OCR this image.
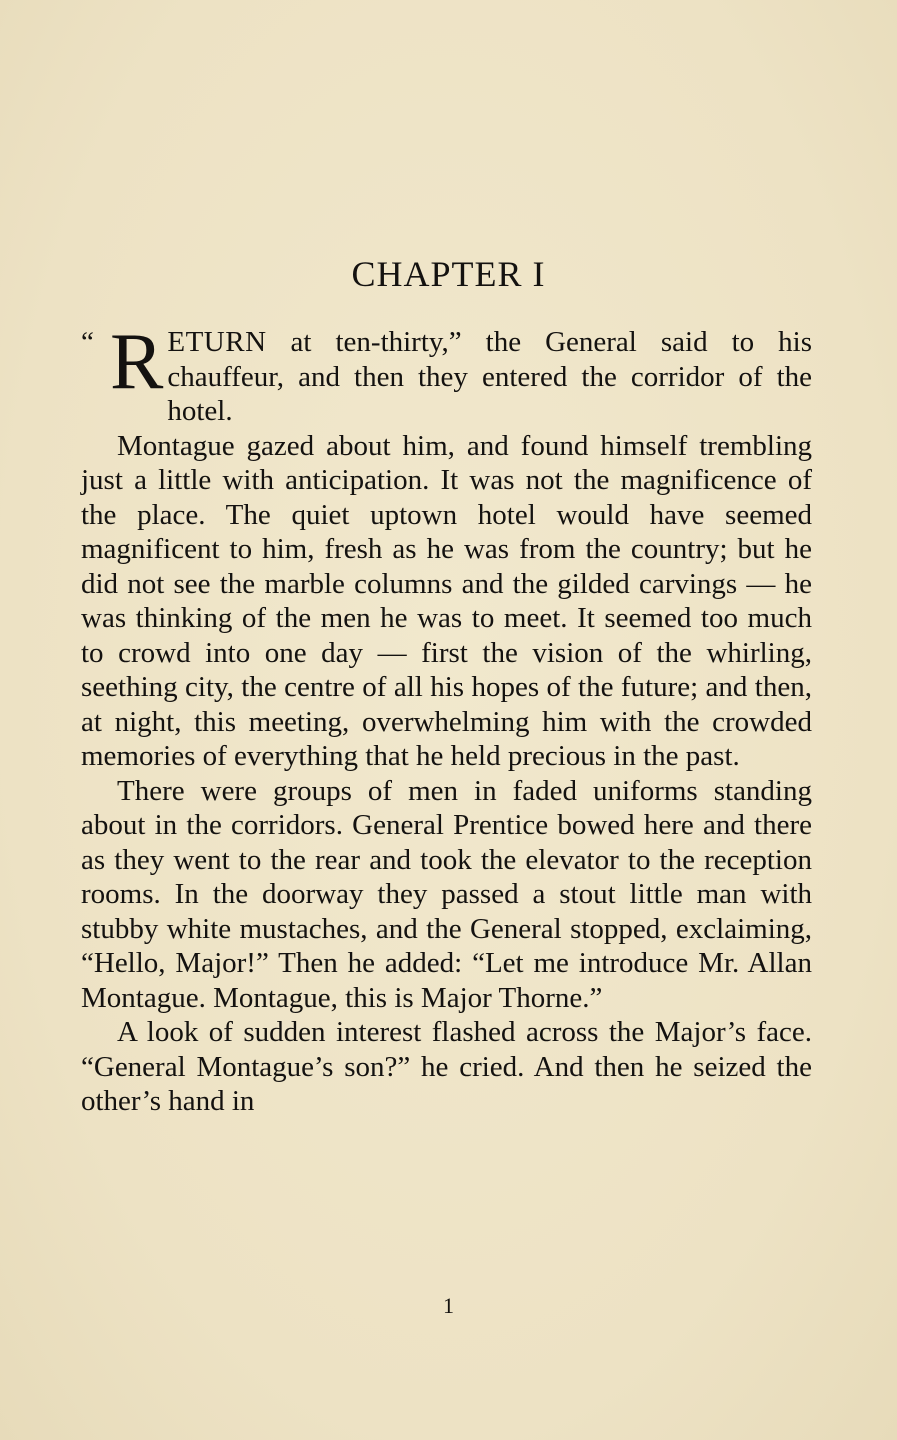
CHAPTER I

“ R ETURN at ten-thirty,” the General said to his chauffeur, and then they entered the corridor of the hotel.

Montague gazed about him, and found himself trembling just a little with anticipation. It was not the magnificence of the place. The quiet uptown hotel would have seemed magnificent to him, fresh as he was from the country; but he did not see the marble columns and the gilded carvings — he was thinking of the men he was to meet. It seemed too much to crowd into one day — first the vision of the whirling, seething city, the centre of all his hopes of the future; and then, at night, this meeting, overwhelming him with the crowded memories of everything that he held precious in the past.

There were groups of men in faded uniforms standing about in the corridors. General Prentice bowed here and there as they went to the rear and took the elevator to the reception rooms. In the doorway they passed a stout little man with stubby white mustaches, and the General stopped, exclaiming, “Hello, Major!” Then he added: “Let me introduce Mr. Allan Montague. Montague, this is Major Thorne.”

A look of sudden interest flashed across the Major’s face. “General Montague’s son?” he cried. And then he seized the other’s hand in

1
